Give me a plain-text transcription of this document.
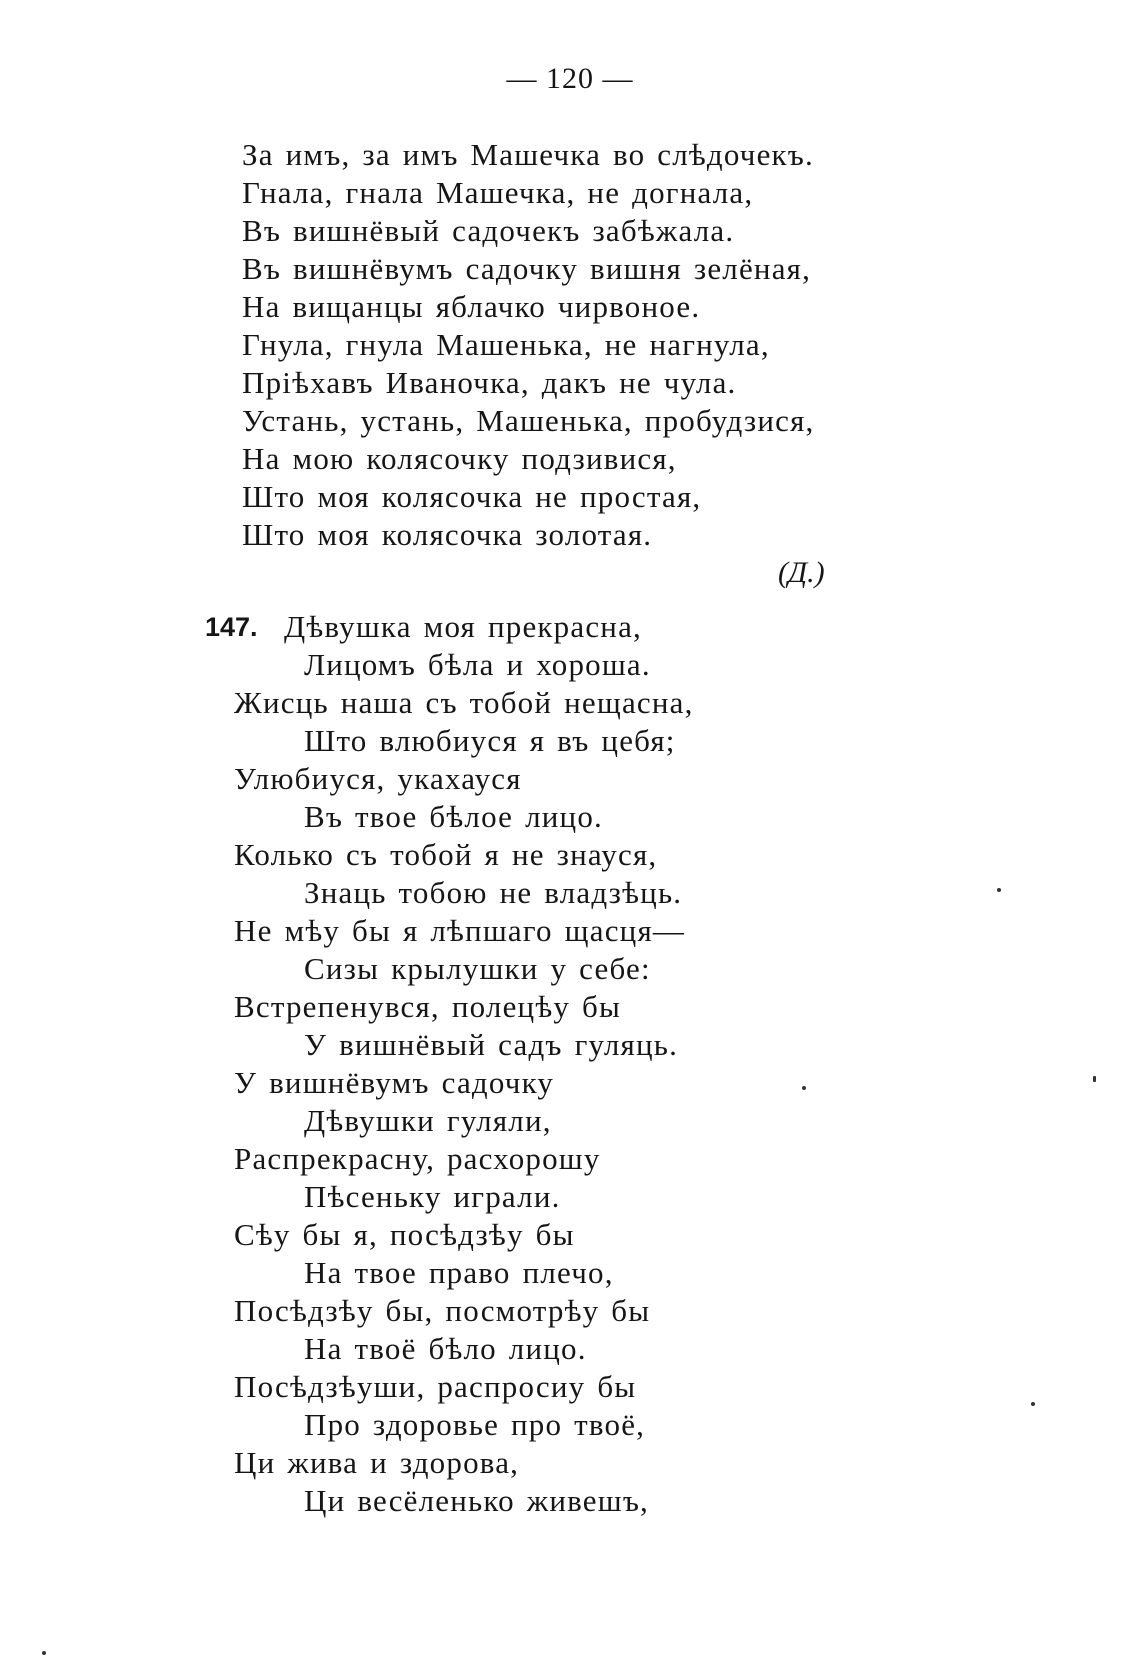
— 120 —
За имъ, за имъ Машечка во слѣдочекъ.
Гнала, гнала Машечка, не догнала,
Въ вишнёвый садочекъ забѣжала.
Въ вишнёвумъ садочку вишня зелёная,
На вищанцы яблачко чирвоное.
Гнула, гнула Машенька, не нагнула,
Пріѣхавъ Иваночка, дакъ не чула.
Устань, устань, Машенька, пробудзися,
На мою колясочку подзивися,
Што моя колясочка не простая,
Што моя колясочка золотая.
(Д.)
147. Дѣвушка моя прекрасна,
Лицомъ бѣла и хороша.
Жисць наша съ тобой нещасна,
Што влюбиуся я въ цебя;
Улюбиуся, укахауся
Въ твое бѣлое лицо.
Колько съ тобой я не знауся,
Знаць тобою не владзѣць.
Не мѣу бы я лѣпшаго щасця—
Сизы крылушки у себе:
Встрепенувся, полецѣу бы
У вишнёвый садъ гуляць.
У вишнёвумъ садочку
Дѣвушки гуляли,
Распрекрасну, расхорошу
Пѣсеньку играли.
Сѣу бы я, посѣдзѣу бы
На твое право плечо,
Посѣдзѣу бы, посмотрѣу бы
На твоё бѣло лицо.
Посѣдзѣуши, распросиу бы
Про здоровье про твоё,
Ци жива и здорова,
Ци весёленько живешъ,
